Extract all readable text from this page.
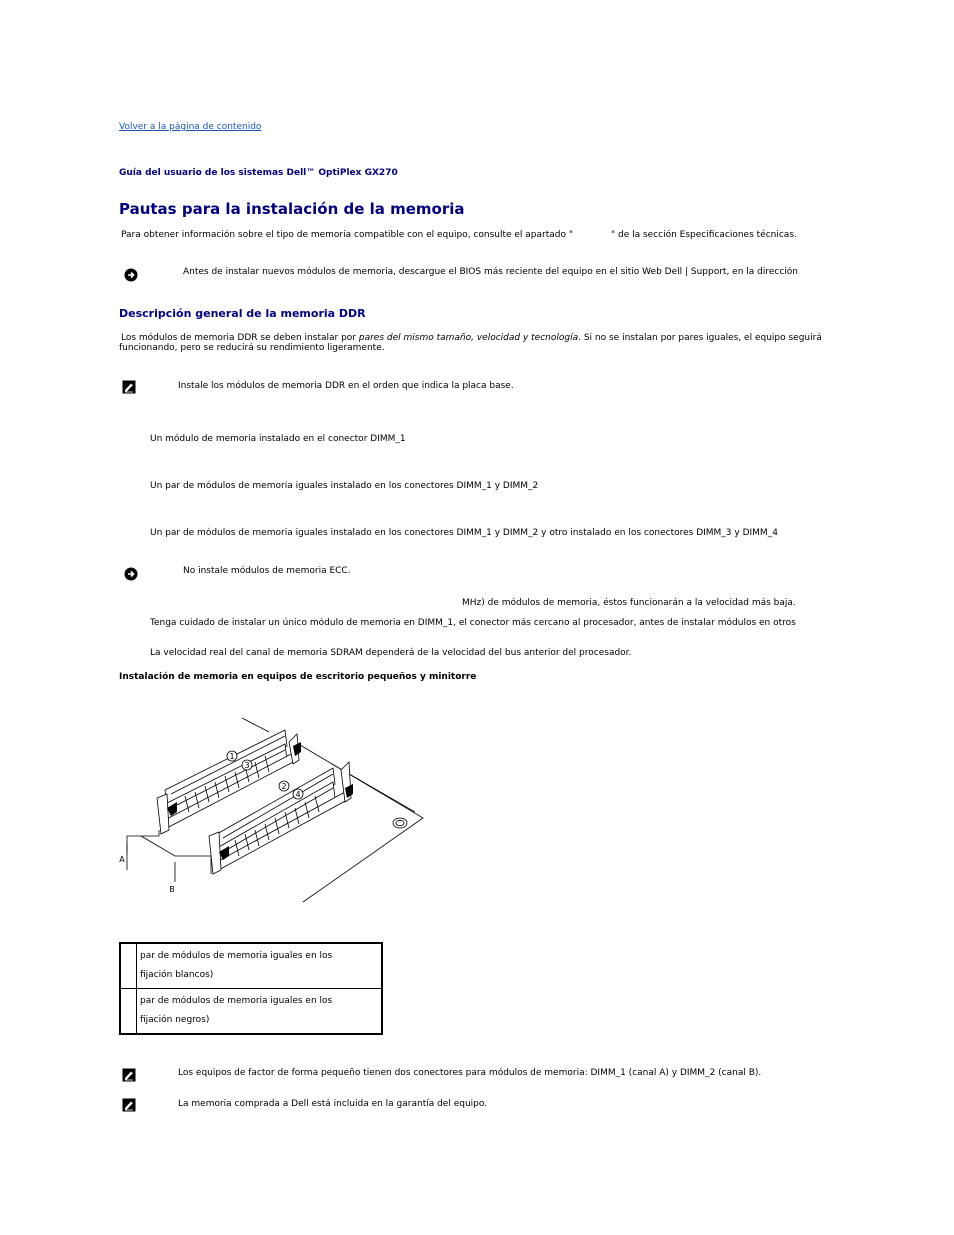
Volver a la página de contenido
Guía del usuario de los sistemas Dell™ OptiPlex GX270
Pautas para la instalación de la memoria
Para obtener información sobre el tipo de memoria compatible con el equipo, consulte el apartado "	" de la sección Especificaciones técnicas.
Antes de instalar nuevos módulos de memoria, descargue el BIOS más reciente del equipo en el sitio Web Dell | Support, en la dirección
Descripción general de la memoria DDR
Los módulos de memoria DDR se deben instalar por pares del mismo tamaño, velocidad y tecnología. Si no se instalan por pares iguales, el equipo seguirá
funcionando, pero se reducirá su rendimiento ligeramente.
Instale los módulos de memoria DDR en el orden que indica la placa base.
Un módulo de memoria instalado en el conector DIMM_1
Un par de módulos de memoria iguales instalado en los conectores DIMM_1 y DIMM_2
Un par de módulos de memoria iguales instalado en los conectores DIMM_1 y DIMM_2 y otro instalado en los conectores DIMM_3 y DIMM_4
No instale módulos de memoria ECC.
MHz) de módulos de memoria, éstos funcionarán a la velocidad más baja.
Tenga cuidado de instalar un único módulo de memoria en DIMM_1, el conector más cercano al procesador, antes de instalar módulos en otros
La velocidad real del canal de memoria SDRAM dependerá de la velocidad del bus anterior del procesador.
Instalación de memoria en equipos de escritorio pequeños y minitorre
1
2
3
4
A
B

	par de módulos de memoria iguales en los
fijación blancos)

	par de módulos de memoria iguales en los
fijación negros)
Los equipos de factor de forma pequeño tienen dos conectores para módulos de memoria: DIMM_1 (canal A) y DIMM_2 (canal B).
La memoria comprada a Dell está incluida en la garantía del equipo.
